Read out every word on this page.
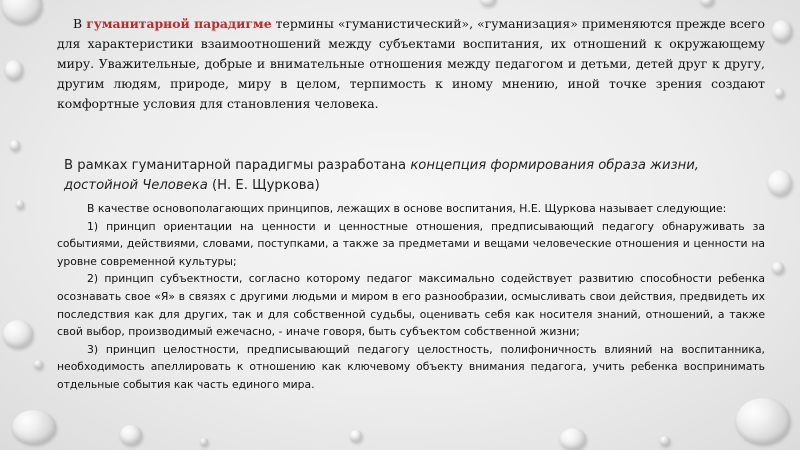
В гуманитарной парадигме термины «гуманистический», «гуманизация» применяются прежде всего для характеристики взаимоотношений между субъектами воспитания, их отношений к окружающему миру. Уважительные, добрые и внимательные отношения между педагогом и детьми, детей друг к другу, другим людям, природе, миру в целом, терпимость к иному мнению, иной точке зрения создают комфортные условия для становления человека.

В рамках гуманитарной парадигмы разработана концепция формирования образа жизни, достойной Человека (Н. Е. Щуркова)

В качестве основополагающих принципов, лежащих в основе воспитания, Н.Е. Щуркова называет следующие:

1) принцип ориентации на ценности и ценностные отношения, предписывающий педагогу обнаруживать за событиями, действиями, словами, поступками, а также за предметами и вещами человеческие отношения и ценности на уровне современной культуры;

2) принцип субъектности, согласно которому педагог максимально содействует развитию способности ребенка осознавать свое «Я» в связях с другими людьми и миром в его разнообразии, осмысливать свои действия, предвидеть их последствия как для других, так и для собственной судьбы, оценивать себя как носителя знаний, отношений, а также свой выбор, производимый ежечасно, - иначе говоря, быть субъектом собственной жизни;

3) принцип целостности, предписывающий педагогу целостность, полифоничность влияний на воспитанника, необходимость апеллировать к отношению как ключевому объекту внимания педагога, учить ребенка воспринимать отдельные события как часть единого мира.
